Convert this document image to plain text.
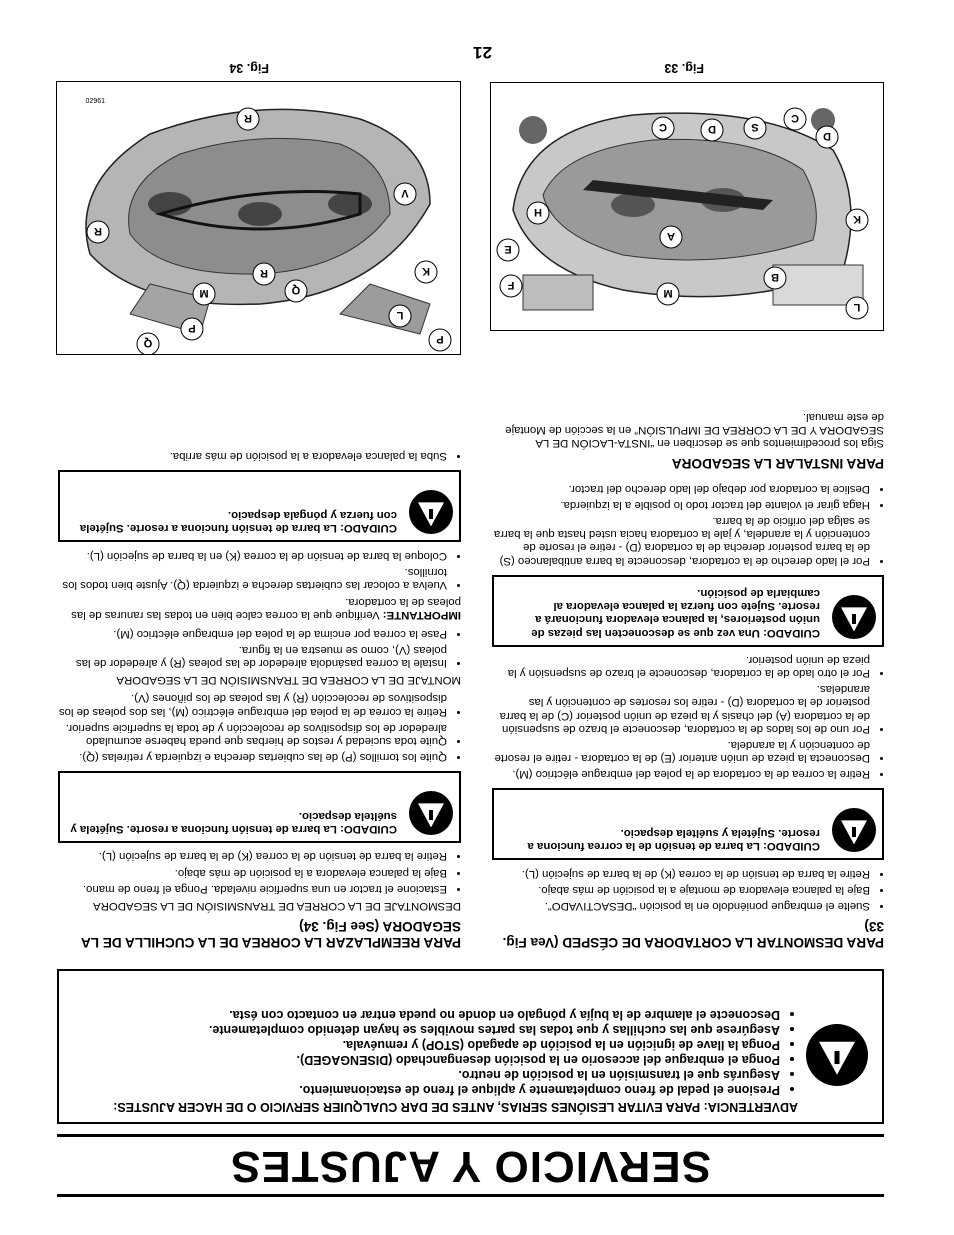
SERVICIO Y AJUSTES
ADVERTENCIA: PARA EVITAR LESIÓNES SERIAS, ANTES DE DAR CUALQUIER SERVICIO O DE HACER AJUSTES:
• Presione el pedal de freno completamente y aplique el freno de estacionamiento.
• Asegurás que el transmisión en la posición de neutro.
• Ponga el embrague del accesorio en la posición desenganchado (DISENGAGED).
• Ponga la llave de ignición en la posición de apagado (STOP) y remuévala.
• Asegúrese que las cuchillas y que todas las partes movibles se hayan detenido completamente.
• Desconecte el alambre de la bujía y póngalo en donde no pueda entrar en contacto con ésta.
PARA DESMONTAR LA CORTADORA DE CÉSPED (Vea Fig. 33)
• Suelte el embrague poniéndolo en la posición “DESACTIVADO”.
• Baje la palanca elevadora de montaje a la posición de más abajo.
• Retire la barra de tensión de la correa (K) de la barra de sujeción (L).
CUIDADO: La barra de tensión de la correa funciona a resorte. Sujétela y suéltela despacio.
• Retire la correa de la cortadora de la polea del embrague eléctrico (M).
• Desconecta la pieza de unión anterior (E) de la cortadora - retire el resorte de contención y la arandela.
• Por uno de los lados de la cortadora, desconecte el brazo de suspensión de la cortadora (A) del chasis y la pieza de unión posterior (C) de la barra posterior de la cortadora (D) - retire los resortes de contención y las arandelas.
• Por el otro lado de la cortadora, desconecte el brazo de suspensión y la pieza de unión posterior.
CUIDADO: Una vez que se desconecten las piezas de unión posteriores, la palanca elevadora funcionará a resorte. Sujete con fuerza la palanca elevadora al cambiarla de posición.
• Por el lado derecho de la cortadora, desconecte la barra antibalanceo (S) de la barra posterior derecha de la cortadora (D) - retire el resorte de contención y la arandela, y jale la cortadora hacia usted hasta que la barra se salga del orificio de la barra.
• Haga girar el volante del tractor todo lo posible a la izquierda.
• Deslice la cortadora por debajo del lado derecho del tractor.
PARA INSTALAR LA SEGADORA
Siga los procedimientos que se describen en “INSTA-LACIÓN DE LA SEGADORA Y DE LA CORREA DE IMPULSIÓN” en la sección de Montaje de este manual.
PARA REEMPLAZAR LA CORREA DE LA CUCHILLA DE LA SEGADORA (See Fig. 34)
DESMONTAJE DE LA CORREA DE TRANSMISIÓN DE LA SEGADORA
• Estacione el tractor en una superficie nivelada. Ponga el freno de mano.
• Baje la palanca elevadora a la posición de más abajo.
• Retire la barra de tensión de la correa (K) de la barra de sujeción (L).
CUIDADO: La barra de tensión funciona a resorte. Sujétela y suéltela despacio.
• Quite los tornillos (P) de las cubiertas derecha e izquierda y retírelas (Q).
• Quite toda suciedad y restos de hierbas que pueda haberse acumulado alrededor de los dispositivos de recolección y de toda la superficie superior.
• Retire la correa de la polea del embrague eléctrico (M), las dos poleas de los dispositivos de recolección (R) y las poleas de los piñones (V).
MONTAJE DE LA CORREA DE TRANSMISIÓN DE LA SEGADORA
• Instale la correa pasándola alrededor de las poleas (R) y alrededor de las poleas (V), como se muestra en la figura.
• Pase la correa por encima de la polea del embrague eléctrico (M).
IMPORTANTE: Verifique que la correa calce bien en todas las ranuras de las poleas de la cortadora.
• Vuelva a colocar las cubiertas derecha e izquierda (Q). Ajuste bien todos los tornillos.
• Coloque la barra de tensión de la correa (K) en la barra de sujeción (L).
CUIDADO: La barra de tensión funciona a resorte. Sujétela con fuerza y póngala despacio.
• Suba la palanca elevadora a la posición de más arriba.
L
B
M
F
A
E
H
K
D
C
S
D
C
Fig. 33
02961
Q
P
P
M	Q
R
L
K
R
V
R
Fig. 34
21
